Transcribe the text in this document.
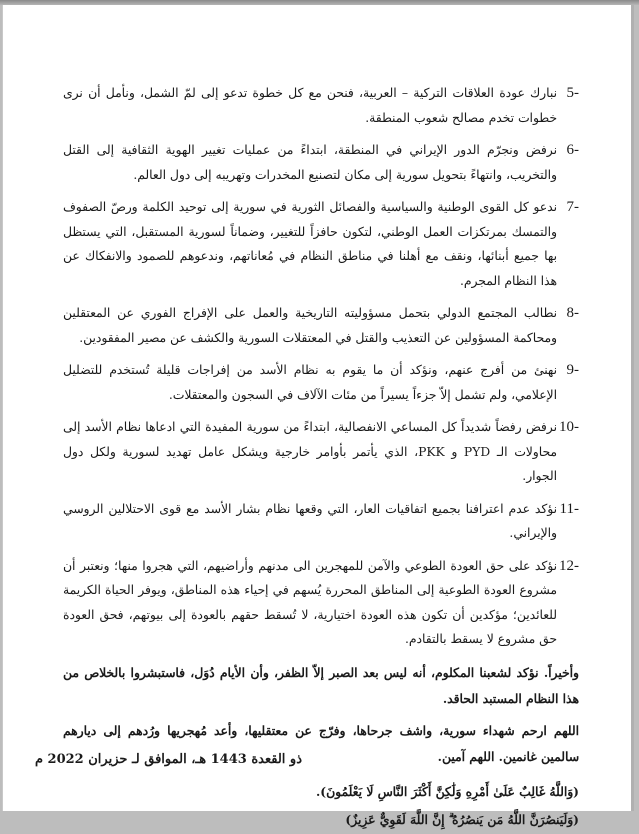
5-
نبارك عودة العلاقات التركية – العربية، فنحن مع كل خطوة تدعو إلى لمّ الشمل، ونأمل أن نرى خطوات تخدم مصالح شعوب المنطقة.
6-
نرفض ونجرّم الدور الإيراني في المنطقة، ابتداءً من عمليات تغيير الهوية الثقافية إلى القتل والتخريب، وانتهاءً بتحويل سورية إلى مكان لتصنيع المخدرات وتهريبه إلى دول العالم.
7-
ندعو كل القوى الوطنية والسياسية والفصائل الثورية في سورية إلى توحيد الكلمة ورصّ الصفوف والتمسك بمرتكزات العمل الوطني، لتكون حافزاً للتغيير، وضماناً لسورية المستقبل، التي يستظل بها جميع أبنائها، ونقف مع أهلنا في مناطق النظام في مُعاناتهم، وندعوهم للصمود والانفكاك عن هذا النظام المجرم.
8-
نطالب المجتمع الدولي بتحمل مسؤوليته التاريخية والعمل على الإفراج الفوري عن المعتقلين ومحاكمة المسؤولين عن التعذيب والقتل في المعتقلات السورية والكشف عن مصير المفقودين.
9-
نهنئ من أفرج عنهم، ونؤكد أن ما يقوم به نظام الأسد من إفراجات قليلة تُستخدم للتضليل الإعلامي، ولم تشمل إلاّ جزءاً يسيراً من مئات الآلاف في السجون والمعتقلات.
10-
نرفض رفضاً شديداً كل المساعي الانفصالية، ابتداءً من سورية المفيدة التي ادعاها نظام الأسد إلى محاولات الـ PYD و PKK، الذي يأتمر بأوامر خارجية ويشكل عامل تهديد لسورية ولكل دول الجوار.
11-
نؤكد عدم اعترافنا بجميع اتفاقيات العار، التي وقعها نظام بشار الأسد مع قوى الاحتلالين الروسي والإيراني.
12-
نؤكد على حق العودة الطوعي والآمن للمهجرين الى مدنهم وأراضيهم، التي هجروا منها؛ ونعتبر أن مشروع العودة الطوعية إلى المناطق المحررة يُسهم في إحياء هذه المناطق، ويوفر الحياة الكريمة للعائدين؛ مؤكدين أن تكون هذه العودة اختيارية، لا تُسقط حقهم بالعودة إلى بيوتهم، فحق العودة حق مشروع لا يسقط بالتقادم.

وأخيراً. نؤكد لشعبنا المكلوم، أنه ليس بعد الصبر إلاّ الظفر، وأن الأيام دُوَل، فاستبشروا بالخلاص من هذا النظام المستبد الحاقد.

اللهم ارحم شهداء سورية، واشف جرحاها، وفرّج عن معتقليها، وأعد مُهجريها ورُدهم إلى ديارهم سالمين غانمين. اللهم آمين.

(وَاللَّهُ غَالِبٌ عَلَىٰ أَمْرِهِ وَلَٰكِنَّ أَكْثَرَ النَّاسِ لَا يَعْلَمُونَ).

(وَلَيَنصُرَنَّ اللَّهُ مَن يَنصُرُهُ ۗ إِنَّ اللَّهَ لَقَوِيٌّ عَزِيزٌ)

ذو القعدة 1443 هـ، الموافق لـ حزيران 2022 م
